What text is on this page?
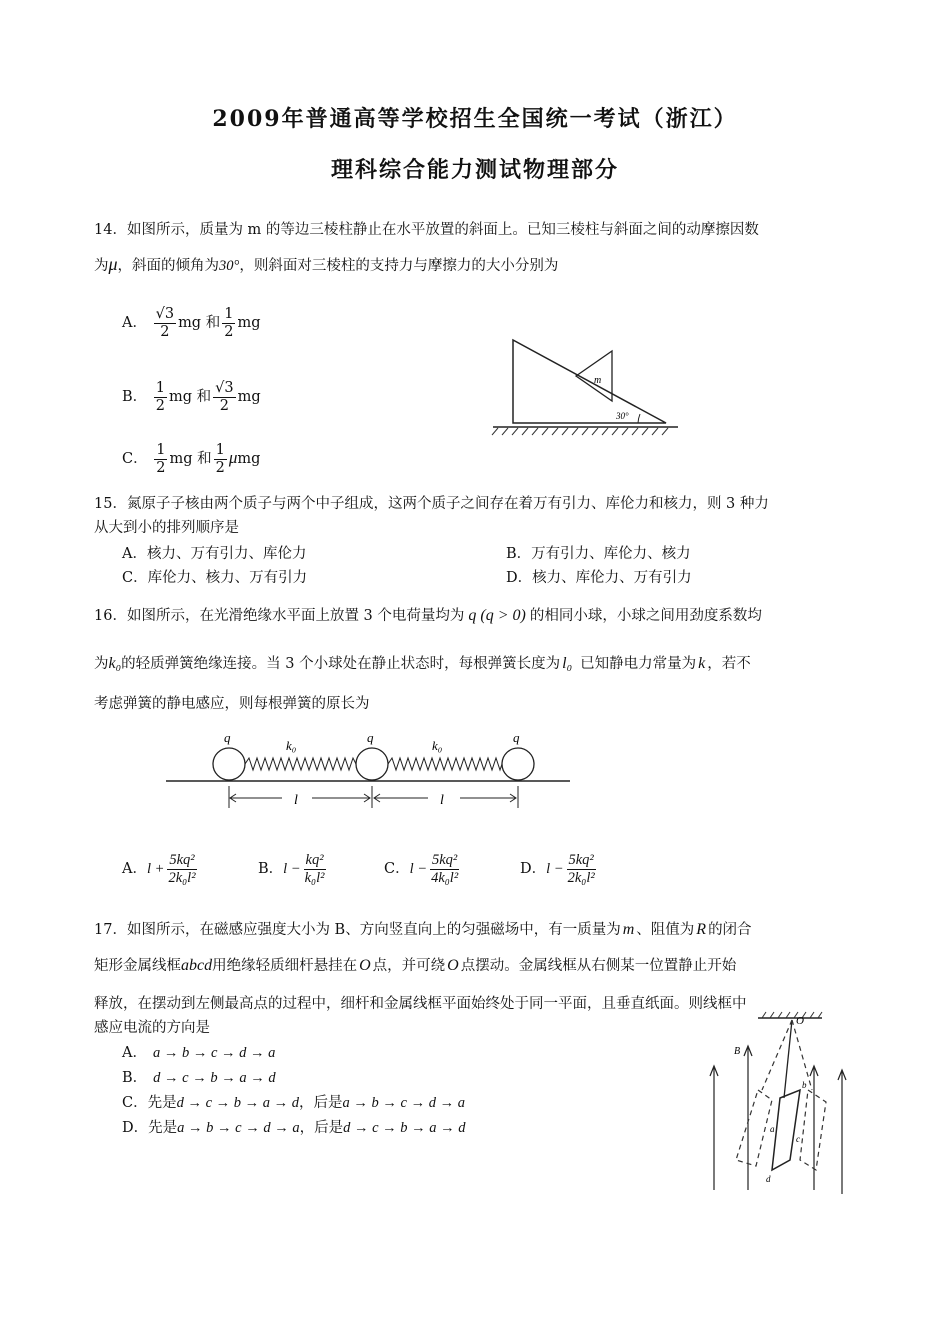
2009年普通高等学校招生全国统一考试（浙江）
理科综合能力测试物理部分
14．如图所示，质量为 m 的等边三棱柱静止在水平放置的斜面上。已知三棱柱与斜面之间的动摩擦因数
为μ，斜面的倾角为30°，则斜面对三棱柱的支持力与摩擦力的大小分别为
A． $\frac{√3}{2}$ mg 和 $\frac{1}{2}$ mg
B． $\frac{1}{2}$ mg 和 $\frac{√3}{2}$ mg
C． $\frac{1}{2}$ mg 和 $\frac{1}{2}$ μmg
m
30°
15．氮原子子核由两个质子与两个中子组成，这两个质子之间存在着万有引力、库伦力和核力，则 3 种力
从大到小的排列顺序是
A．核力、万有引力、库伦力	B．万有引力、库伦力、核力
C．库伦力、核力、万有引力	D．核力、库伦力、万有引力
16．如图所示，在光滑绝缘水平面上放置 3 个电荷量均为 q (q > 0) 的相同小球，小球之间用劲度系数均
为k₀的轻质弹簧绝缘连接。当 3 个小球处在静止状态时，每根弹簧长度为 l₀ 已知静电力常量为 k ，若不
考虑弹簧的静电感应，则每根弹簧的原长为
q	q	q
k₀	k₀
l	l
A．$l + \frac{\text{5kq²}}{\text{2k₀l²}}$	B．$l - \frac{\text{kq²}}{\text{k₀l²}}$	C．$l - \frac{\text{5kq²}}{\text{4k₀l²}}$	D．$l - \frac{\text{5kq²}}{\text{2k₀l²}}$
17．如图所示，在磁感应强度大小为 B、方向竖直向上的匀强磁场中，有一质量为 m 、阻值为 R 的闭合
矩形金属线框abcd用绝缘轻质细杆悬挂在 O 点，并可绕 O 点摆动。金属线框从右侧某一位置静止开始
释放，在摆动到左侧最高点的过程中，细杆和金属线框平面始终处于同一平面，且垂直纸面。则线框中
感应电流的方向是
A． a → b → c → d → a
B． d → c → b → a → d
C．先是d → c → b → a → d，后是a → b → c → d → a
D．先是a → b → c → d → a，后是d → c → b → a → d
B
O
a
b
c
d
